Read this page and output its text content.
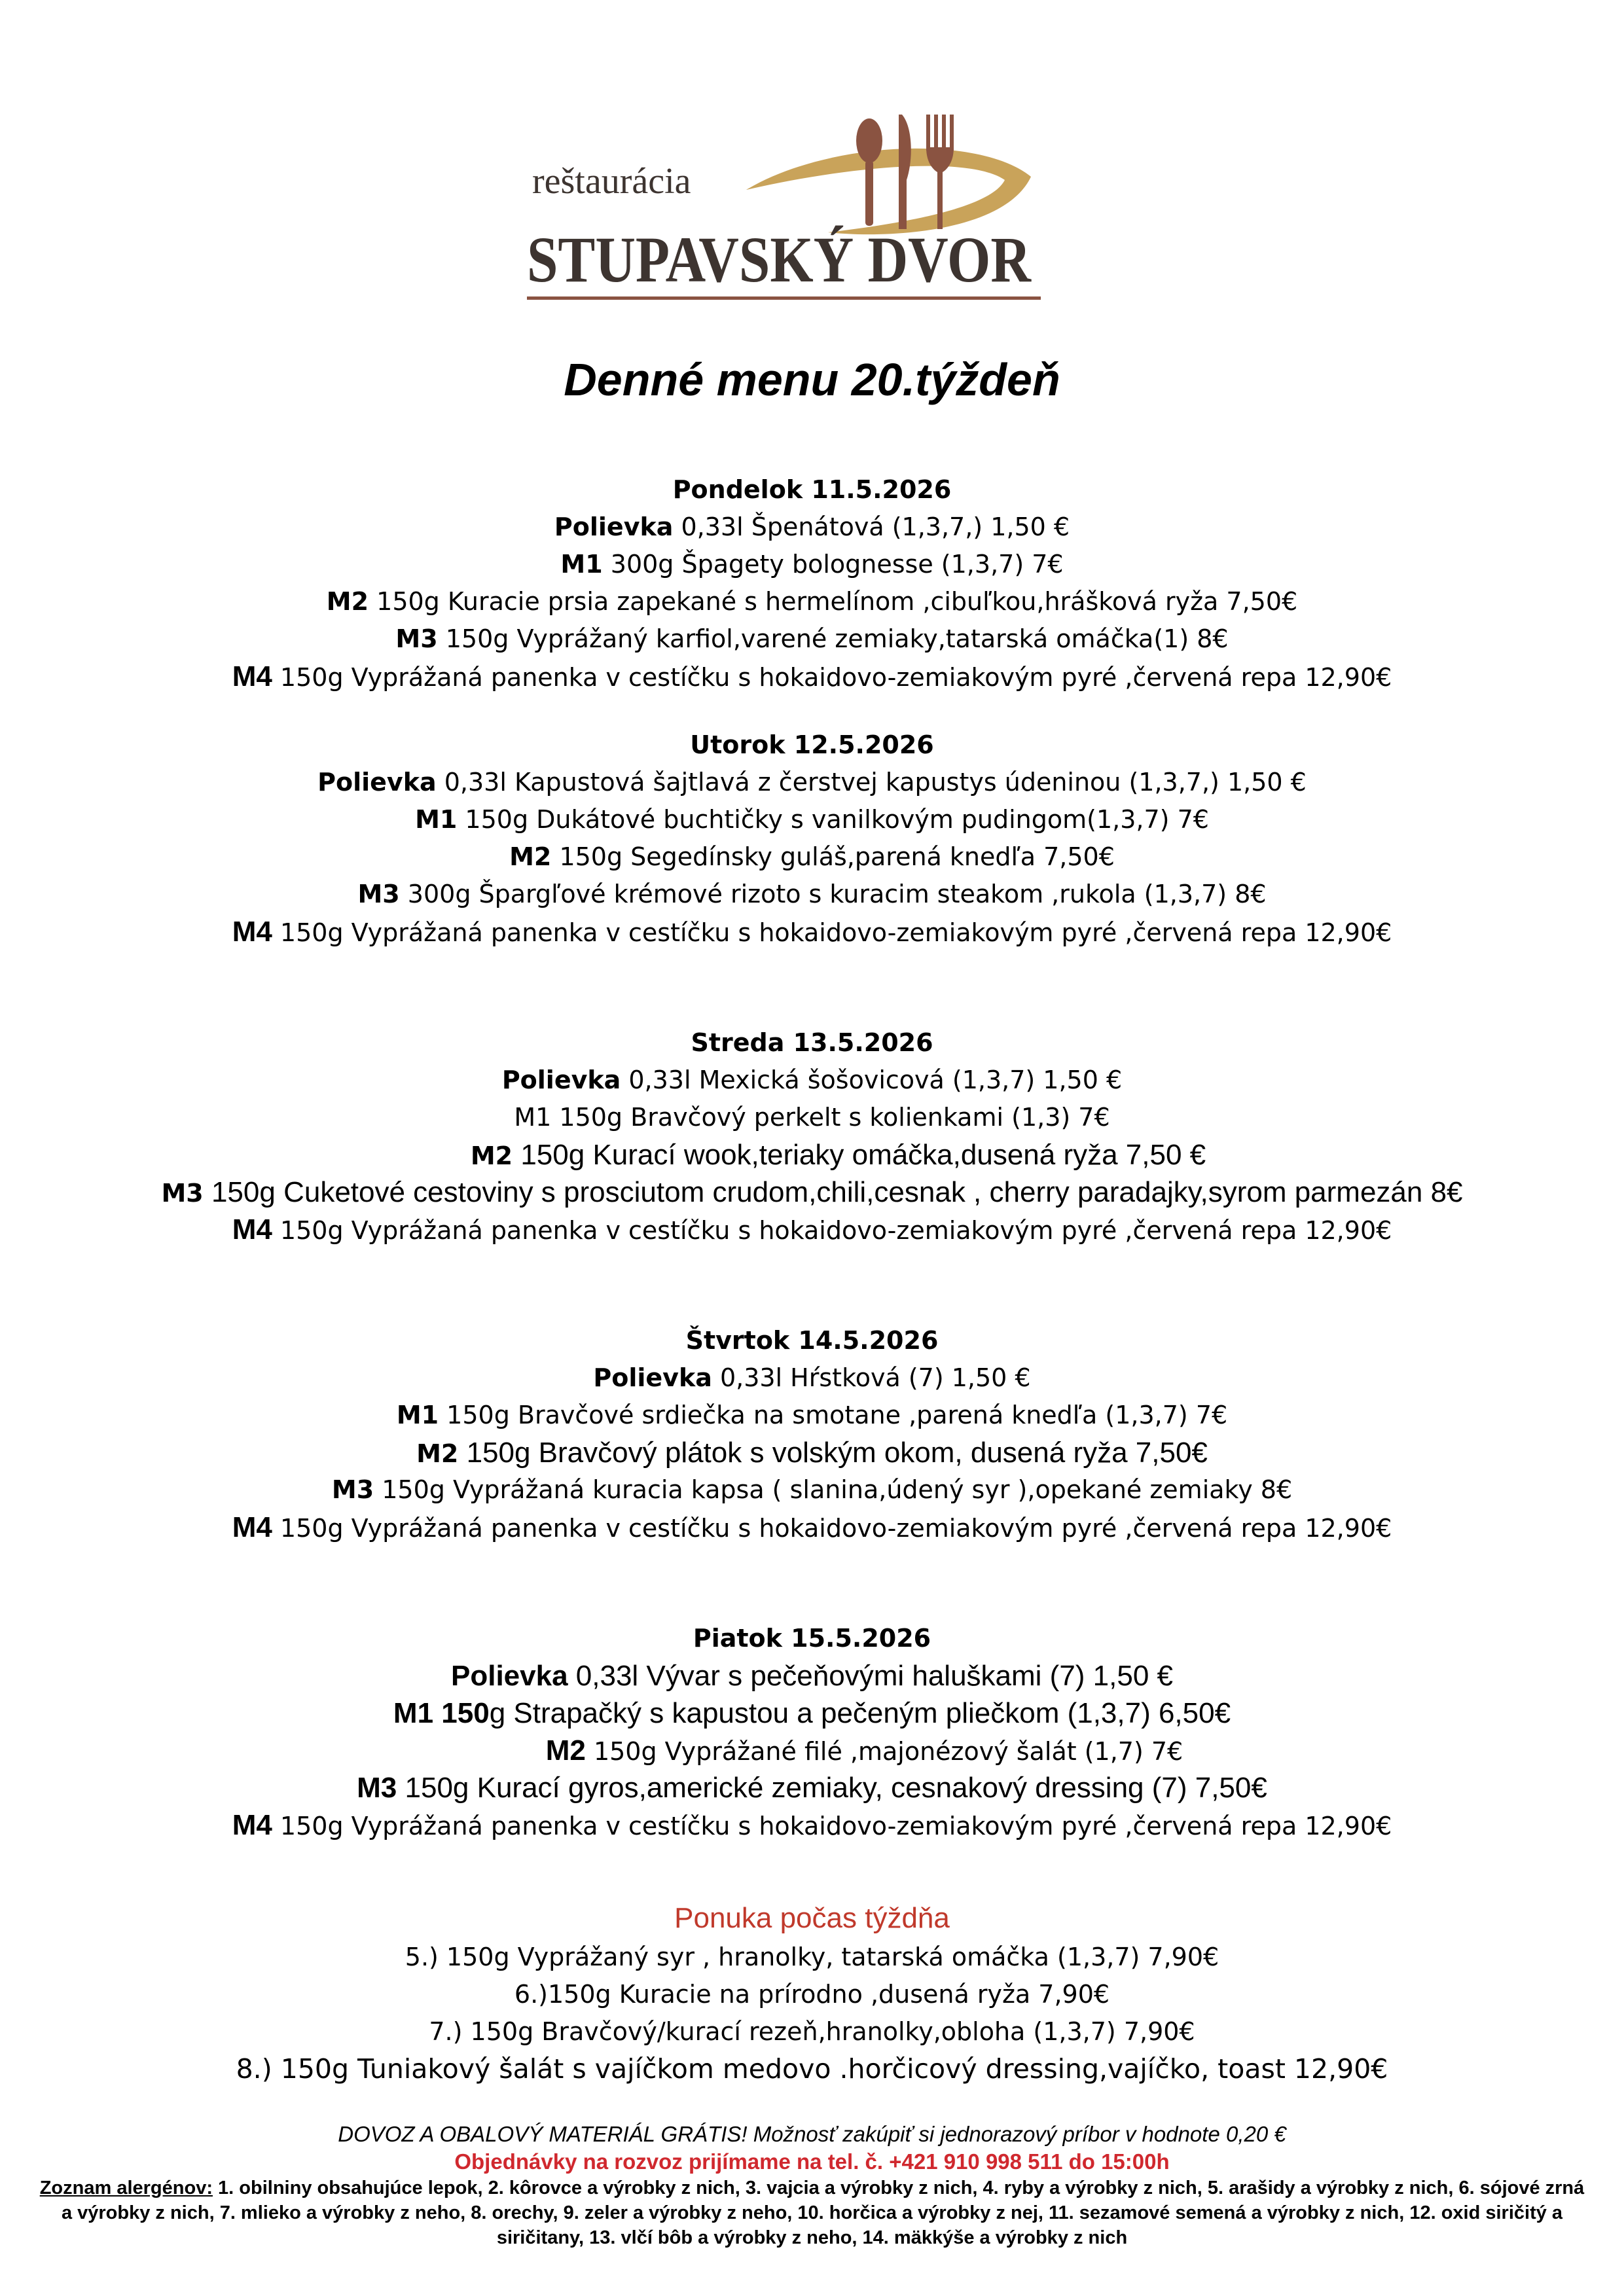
reštaurácia
STUPAVSKÝ DVOR
Denné menu 20.týždeň
Pondelok 11.5.2026
Polievka 0,33l Špenátová (1,3,7,) 1,50 €
M1 300g Špagety bolognesse (1,3,7) 7€
M2 150g Kuracie prsia zapekané s hermelínom ,cibuľkou,hrášková ryža 7,50€
M3 150g Vyprážaný karfiol,varené zemiaky,tatarská omáčka(1) 8€
M4 150g Vyprážaná panenka v cestíčku s hokaidovo-zemiakovým pyré ,červená repa 12,90€
Utorok 12.5.2026
Polievka 0,33l Kapustová šajtlavá z čerstvej kapustys údeninou (1,3,7,) 1,50 €
M1 150g Dukátové buchtičky s vanilkovým pudingom(1,3,7) 7€
M2 150g Segedínsky guláš,parená knedľa 7,50€
M3 300g Špargľové krémové rizoto s kuracim steakom ,rukola (1,3,7) 8€
M4 150g Vyprážaná panenka v cestíčku s hokaidovo-zemiakovým pyré ,červená repa 12,90€
Streda 13.5.2026
Polievka 0,33l Mexická šošovicová (1,3,7) 1,50 €
M1 150g Bravčový perkelt s kolienkami (1,3) 7€
M2 150g Kurací wook,teriaky omáčka,dusená ryža 7,50 €
M3 150g Cuketové cestoviny s prosciutom crudom,chili,cesnak , cherry paradajky,syrom parmezán 8€
M4 150g Vyprážaná panenka v cestíčku s hokaidovo-zemiakovým pyré ,červená repa 12,90€
Štvrtok 14.5.2026
Polievka 0,33l Hŕstková (7) 1,50 €
M1 150g Bravčové srdiečka na smotane ,parená knedľa (1,3,7) 7€
M2 150g Bravčový plátok s volským okom, dusená ryža 7,50€
M3 150g Vyprážaná kuracia kapsa ( slanina,údený syr ),opekané zemiaky 8€
M4 150g Vyprážaná panenka v cestíčku s hokaidovo-zemiakovým pyré ,červená repa 12,90€
Piatok 15.5.2026
Polievka 0,33l Vývar s pečeňovými haluškami (7) 1,50 €
M1 150g Strapačký s kapustou a pečeným pliečkom (1,3,7) 6,50€
M2 150g Vyprážané filé ,majonézový šalát (1,7) 7€
M3 150g Kurací gyros,americké zemiaky, cesnakový dressing (7) 7,50€
M4 150g Vyprážaná panenka v cestíčku s hokaidovo-zemiakovým pyré ,červená repa 12,90€
Ponuka počas týždňa
5.) 150g Vyprážaný syr , hranolky, tatarská omáčka (1,3,7) 7,90€
6.)150g Kuracie na prírodno ,dusená ryža 7,90€
7.) 150g Bravčový/kurací rezeň,hranolky,obloha (1,3,7) 7,90€
8.) 150g Tuniakový šalát s vajíčkom medovo .horčicový dressing,vajíčko, toast 12,90€
DOVOZ A OBALOVÝ MATERIÁL GRÁTIS! Možnosť zakúpiť si jednorazový príbor v hodnote 0,20 €
Objednávky na rozvoz prijímame na tel. č. +421 910 998 511 do 15:00h
Zoznam alergénov: 1. obilniny obsahujúce lepok, 2. kôrovce a výrobky z nich, 3. vajcia a výrobky z nich, 4. ryby a výrobky z nich, 5. arašidy a výrobky z nich, 6. sójové zrná a výrobky z nich, 7. mlieko a výrobky z neho, 8. orechy, 9. zeler a výrobky z neho, 10. horčica a výrobky z nej, 11. sezamové semená a výrobky z nich, 12. oxid siričitý a siričitany, 13. vlčí bôb a výrobky z neho, 14. mäkkýše a výrobky z nich
